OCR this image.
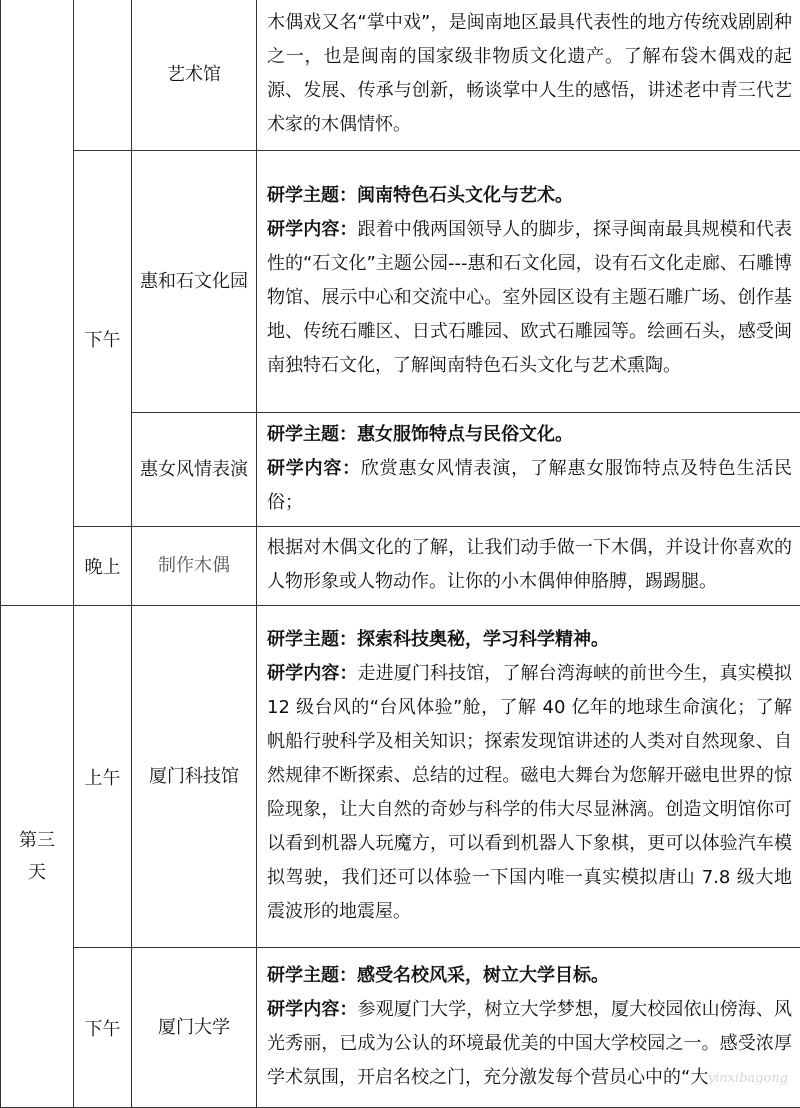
		艺术馆	木偶戏又名“掌中戏”，是闽南地区最具代表性的地方传统戏剧剧种之一，也是闽南的国家级非物质文化遗产。了解布袋木偶戏的起源、发展、传承与创新，畅谈掌中人生的感悟，讲述老中青三代艺术家的木偶情怀。

	下午	惠和石文化园	研学主题：闽南特色石头文化与艺术。

研学内容：跟着中俄两国领导人的脚步，探寻闽南最具规模和代表性的“石文化”主题公园---惠和石文化园，设有石文化走廊、石雕博物馆、展示中心和交流中心。室外园区设有主题石雕广场、创作基地、传统石雕区、日式石雕园、欧式石雕园等。绘画石头，感受闽南独特石文化，了解闽南特色石头文化与艺术熏陶。

		惠女风情表演	研学主题：惠女服饰特点与民俗文化。

研学内容：欣赏惠女风情表演，了解惠女服饰特点及特色生活民俗；

	晚上	制作木偶	根据对木偶文化的了解，让我们动手做一下木偶，并设计你喜欢的人物形象或人物动作。让你的小木偶伸伸胳膊，踢踢腿。

第三天	上午	厦门科技馆	研学主题：探索科技奥秘，学习科学精神。

研学内容：走进厦门科技馆，了解台湾海峡的前世今生，真实模拟 12 级台风的“台风体验”舱，了解 40 亿年的地球生命演化；了解帆船行驶科学及相关知识；探索发现馆讲述的人类对自然现象、自然规律不断探索、总结的过程。磁电大舞台为您解开磁电世界的惊险现象，让大自然的奇妙与科学的伟大尽显淋漓。创造文明馆你可以看到机器人玩魔方，可以看到机器人下象棋，更可以体验汽车模拟驾驶，我们还可以体验一下国内唯一真实模拟唐山 7.8 级大地震波形的地震屋。

	下午	厦门大学	研学主题：感受名校风采，树立大学目标。

研学内容：参观厦门大学，树立大学梦想，厦大校园依山傍海、风光秀丽，已成为公认的环境最优美的中国大学校园之一。感受浓厚学术氛围，开启名校之门，充分激发每个营员心中的“大 yinxibagong
